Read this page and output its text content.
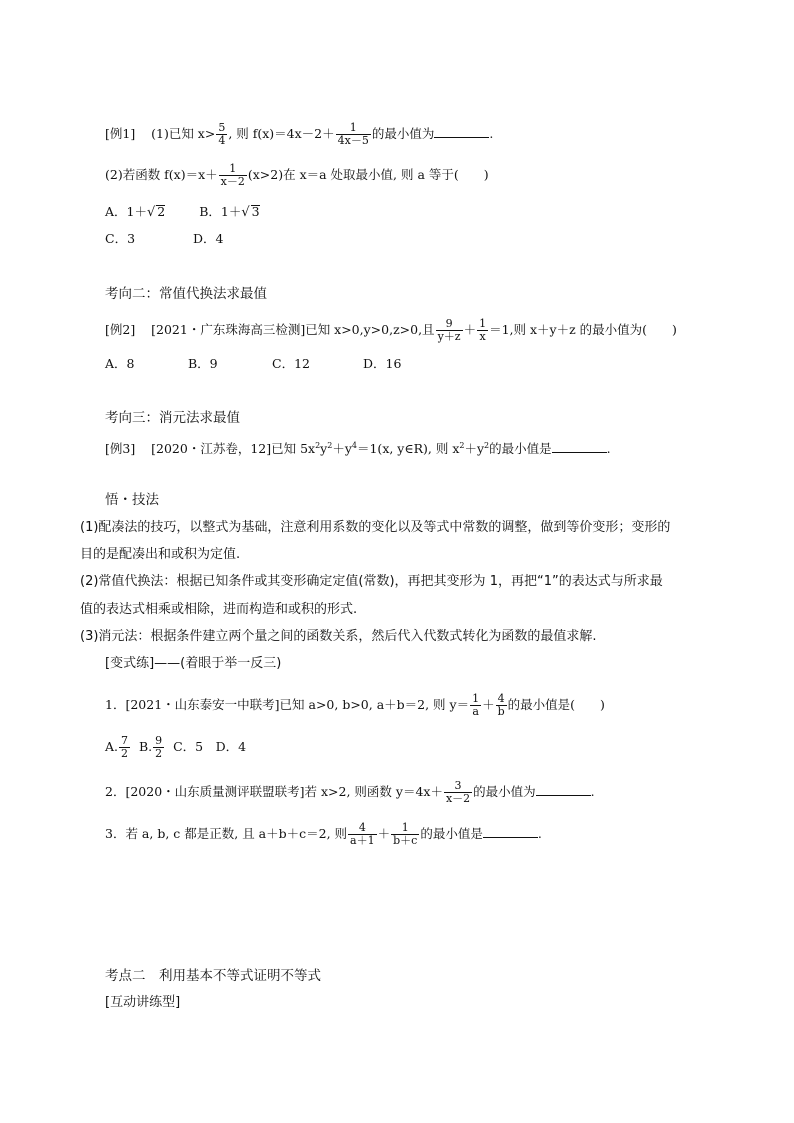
[例1] (1)已知 $x> \frac{5}{4}$ , 则 $f(x)=4x-2+ \frac{1}{4x-5}$ 的最小值为	.
(2)若函数 $f(x)=x+ \frac{1}{x-2} (x>2)$在 x＝a 处取最小值, 则 a 等于(　　)
A．1＋√ 2	B．1＋√ 3
C．3	D．4
考向二：常值代换法求最值
[例2] [2021・广东珠海高三检测]已知 x>0,y>0,z>0,且 $\frac{9}{y+z} + \frac{1}{x} =1$,则 x＋y＋z 的最小值为(　　)
A．8	B．9	C．12	D．16
考向三：消元法求最值
[例3] [2020・江苏卷，12]已知 $5x^2y^2+y^4=1(x$, y∈R), 则 $x^2+y^2$的最小值是	.
悟・技法
(1)配凑法的技巧，以整式为基础，注意利用系数的变化以及等式中常数的调整，做到等价变形；变形的
目的是配凑出和或积为定值.
(2)常值代换法：根据已知条件或其变形确定定值(常数)，再把其变形为 1，再把“1”的表达式与所求最
值的表达式相乘或相除，进而构造和或积的形式.
(3)消元法：根据条件建立两个量之间的函数关系，然后代入代数式转化为函数的最值求解.
[变式练]——(着眼于举一反三)
1．[2021・山东泰安一中联考]已知 a>0, b>0, a＋b＝2, 则 $y= \frac{1}{a} + \frac{4}{b}$ 的最小值是(　　)
A. $\frac{7}{2} B$. $\frac{9}{2}$ C．5　D．4
2．[2020・山东质量测评联盟联考]若 x>2, 则函数 $y=4x+ \frac{3}{x-2}$ 的最小值为	.
3．若 a, b, c 都是正数, 且 a＋b＋c＝2, 则 $\frac{4}{a+1} + \frac{1}{b+c}$ 的最小值是	.
考点二　利用基本不等式证明不等式
[互动讲练型]
